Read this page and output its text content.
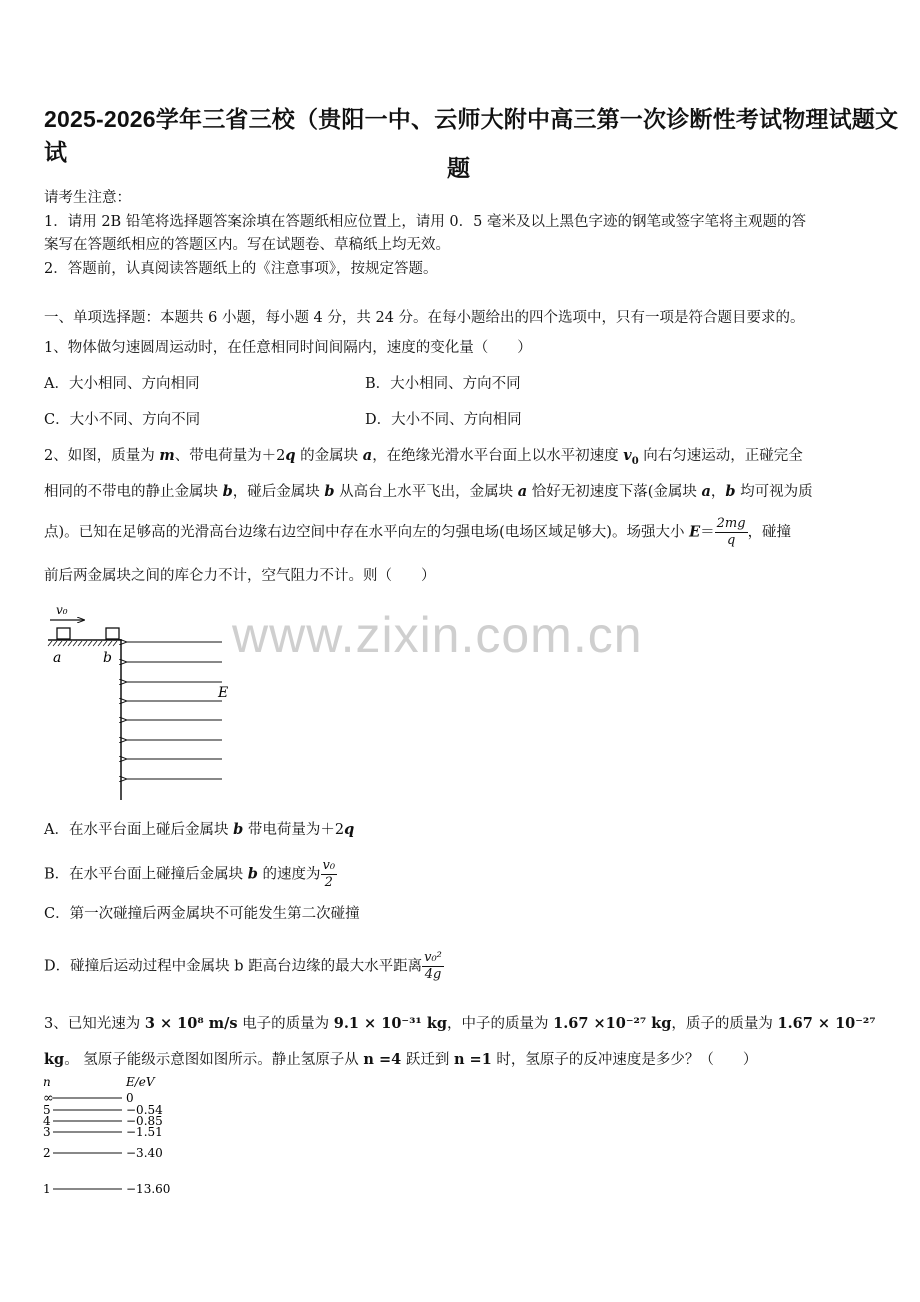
2025-2026学年三省三校（贵阳一中、云师大附中高三第一次诊断性考试物理试题文试
题
请考生注意：
1．请用 2B 铅笔将选择题答案涂填在答题纸相应位置上，请用 0．5 毫米及以上黑色字迹的钢笔或签字笔将主观题的答
案写在答题纸相应的答题区内。写在试题卷、草稿纸上均无效。
2．答题前，认真阅读答题纸上的《注意事项》，按规定答题。
一、单项选择题：本题共 6 小题，每小题 4 分，共 24 分。在每小题给出的四个选项中，只有一项是符合题目要求的。
1、物体做匀速圆周运动时，在任意相同时间间隔内，速度的变化量（　　）
A．大小相同、方向相同	B．大小相同、方向不同
C．大小不同、方向不同	D．大小不同、方向相同
2、如图，质量为 m、带电荷量为＋2q 的金属块 a，在绝缘光滑水平台面上以水平初速度 $v_0$ 向右匀速运动，正碰完全
相同的不带电的静止金属块 b，碰后金属块 b 从高台上水平飞出，金属块 a 恰好无初速度下落(金属块 a，b 均可视为质
点)。已知在足够高的光滑高台边缘右边空间中存在水平向左的匀强电场(电场区域足够大)。场强大小 $E= \frac{2mg}{q}$ ，碰撞
前后两金属块之间的库仑力不计，空气阻力不计。则（　　）
www.zixin.com.cn
v₀
a	b
E
A．在水平台面上碰后金属块 b 带电荷量为＋2q
B．在水平台面上碰撞后金属块 b 的速度为 $\frac{\text{v₀}}{2}$
C．第一次碰撞后两金属块不可能发生第二次碰撞
D．碰撞后运动过程中金属块 b 距高台边缘的最大水平距离 $\frac{\text{v₀²}}{4g}$
3、已知光速为 3 × 10⁸ m/s 电子的质量为 9.1 × 10⁻³¹ kg，中子的质量为 1.67 ×10⁻²⁷ kg，质子的质量为 1.67 × 10⁻²⁷
kg。 氢原子能级示意图如图所示。静止氢原子从 n =4 跃迁到 n =1 时，氢原子的反冲速度是多少？（　　）
n	E/eV
∞	0
5	−0.54
4	−0.85
3	−1.51
2	−3.40
1	−13.60
